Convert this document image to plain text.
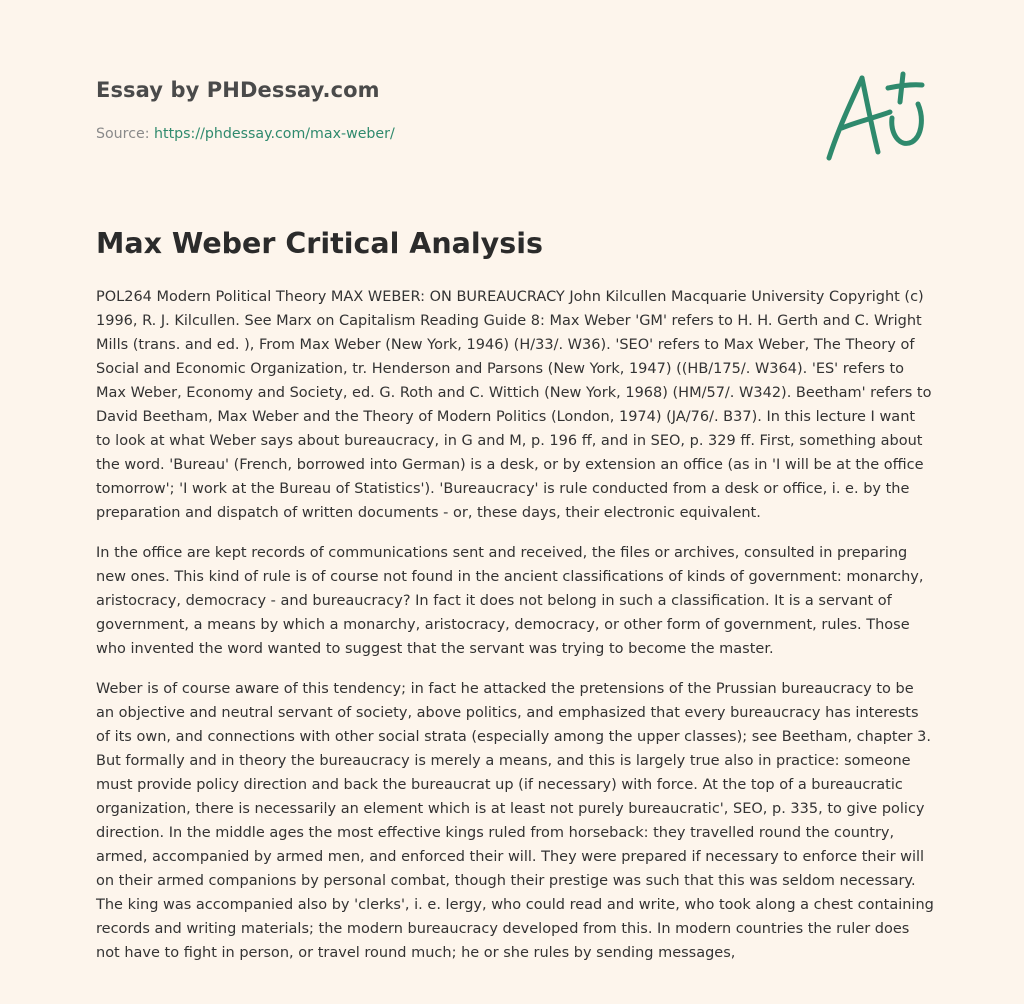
Essay by PHDessay.com
Source: https://phdessay.com/max-weber/
Max Weber Critical Analysis

POL264 Modern Political Theory MAX WEBER: ON BUREAUCRACY John Kilcullen Macquarie University Copyright (c) 1996, R. J. Kilcullen. See Marx on Capitalism Reading Guide 8: Max Weber 'GM' refers to H. H. Gerth and C. Wright Mills (trans. and ed. ), From Max Weber (New York, 1946) (H/33/. W36). 'SEO' refers to Max Weber, The Theory of Social and Economic Organization, tr. Henderson and Parsons (New York, 1947) ((HB/175/. W364). 'ES' refers to Max Weber, Economy and Society, ed. G. Roth and C. Wittich (New York, 1968) (HM/57/. W342). Beetham' refers to David Beetham, Max Weber and the Theory of Modern Politics (London, 1974) (JA/76/. B37). In this lecture I want to look at what Weber says about bureaucracy, in G and M, p. 196 ff, and in SEO, p. 329 ff. First, something about the word. 'Bureau' (French, borrowed into German) is a desk, or by extension an office (as in 'I will be at the office tomorrow'; 'I work at the Bureau of Statistics'). 'Bureaucracy' is rule conducted from a desk or office, i. e. by the preparation and dispatch of written documents - or, these days, their electronic equivalent.

In the office are kept records of communications sent and received, the files or archives, consulted in preparing new ones. This kind of rule is of course not found in the ancient classifications of kinds of government: monarchy, aristocracy, democracy - and bureaucracy? In fact it does not belong in such a classification. It is a servant of government, a means by which a monarchy, aristocracy, democracy, or other form of government, rules. Those who invented the word wanted to suggest that the servant was trying to become the master.

Weber is of course aware of this tendency; in fact he attacked the pretensions of the Prussian bureaucracy to be an objective and neutral servant of society, above politics, and emphasized that every bureaucracy has interests of its own, and connections with other social strata (especially among the upper classes); see Beetham, chapter 3. But formally and in theory the bureaucracy is merely a means, and this is largely true also in practice: someone must provide policy direction and back the bureaucrat up (if necessary) with force. At the top of a bureaucratic organization, there is necessarily an element which is at least not purely bureaucratic', SEO, p. 335, to give policy direction. In the middle ages the most effective kings ruled from horseback: they travelled round the country, armed, accompanied by armed men, and enforced their will. They were prepared if necessary to enforce their will on their armed companions by personal combat, though their prestige was such that this was seldom necessary. The king was accompanied also by 'clerks', i. e. lergy, who could read and write, who took along a chest containing records and writing materials; the modern bureaucracy developed from this. In modern countries the ruler does not have to fight in person, or travel round much; he or she rules by sending messages,
